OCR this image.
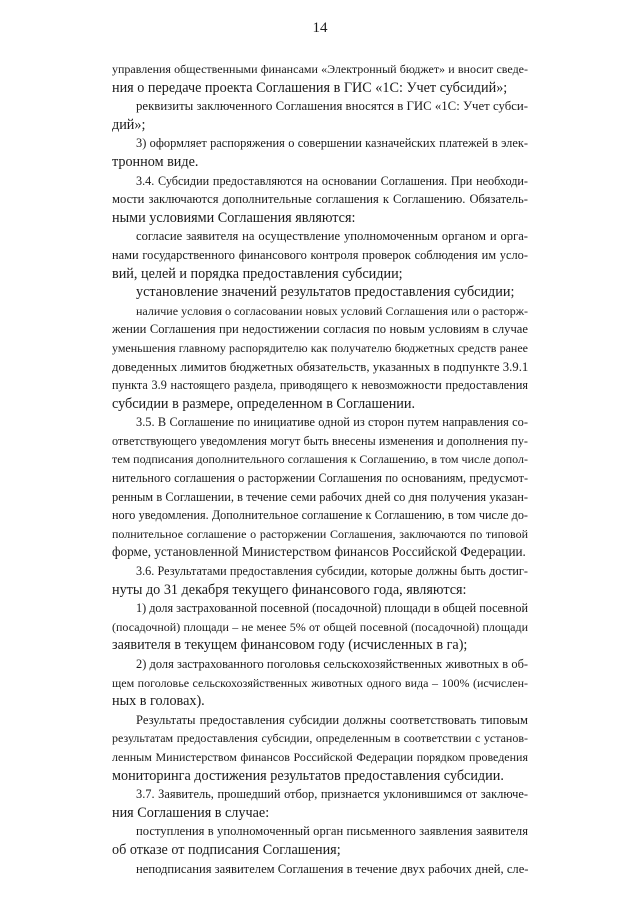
14
управления общественными финансами «Электронный бюджет» и вносит сведе-
ния о передаче проекта Соглашения в ГИС «1С: Учет субсидий»;
реквизиты заключенного Соглашения вносятся в ГИС «1С: Учет субси-
дий»;
3) оформляет распоряжения о совершении казначейских платежей в элек-
тронном виде.
3.4. Субсидии предоставляются на основании Соглашения. При необходи-
мости заключаются дополнительные соглашения к Соглашению. Обязатель-
ными условиями Соглашения являются:
согласие заявителя на осуществление уполномоченным органом и орга-
нами государственного финансового контроля проверок соблюдения им усло-
вий, целей и порядка предоставления субсидии;
установление значений результатов предоставления субсидии;
наличие условия о согласовании новых условий Соглашения или о расторж-
жении Соглашения при недостижении согласия по новым условиям в случае
уменьшения главному распорядителю как получателю бюджетных средств ранее
доведенных лимитов бюджетных обязательств, указанных в подпункте 3.9.1
пункта 3.9 настоящего раздела, приводящего к невозможности предоставления
субсидии в размере, определенном в Соглашении.
3.5. В Соглашение по инициативе одной из сторон путем направления со-
ответствующего уведомления могут быть внесены изменения и дополнения пу-
тем подписания дополнительного соглашения к Соглашению, в том числе допол-
нительного соглашения о расторжении Соглашения по основаниям, предусмот-
ренным в Соглашении, в течение семи рабочих дней со дня получения указан-
ного уведомления. Дополнительное соглашение к Соглашению, в том числе до-
полнительное соглашение о расторжении Соглашения, заключаются по типовой
форме, установленной Министерством финансов Российской Федерации.
3.6. Результатами предоставления субсидии, которые должны быть достиг-
нуты до 31 декабря текущего финансового года, являются:
1) доля застрахованной посевной (посадочной) площади в общей посевной
(посадочной) площади – не менее 5% от общей посевной (посадочной) площади
заявителя в текущем финансовом году (исчисленных в га);
2) доля застрахованного поголовья сельскохозяйственных животных в об-
щем поголовье сельскохозяйственных животных одного вида – 100% (исчислен-
ных в головах).
Результаты предоставления субсидии должны соответствовать типовым
результатам предоставления субсидии, определенным в соответствии с установ-
ленным Министерством финансов Российской Федерации порядком проведения
мониторинга достижения результатов предоставления субсидии.
3.7. Заявитель, прошедший отбор, признается уклонившимся от заключе-
ния Соглашения в случае:
поступления в уполномоченный орган письменного заявления заявителя
об отказе от подписания Соглашения;
неподписания заявителем Соглашения в течение двух рабочих дней, сле-
